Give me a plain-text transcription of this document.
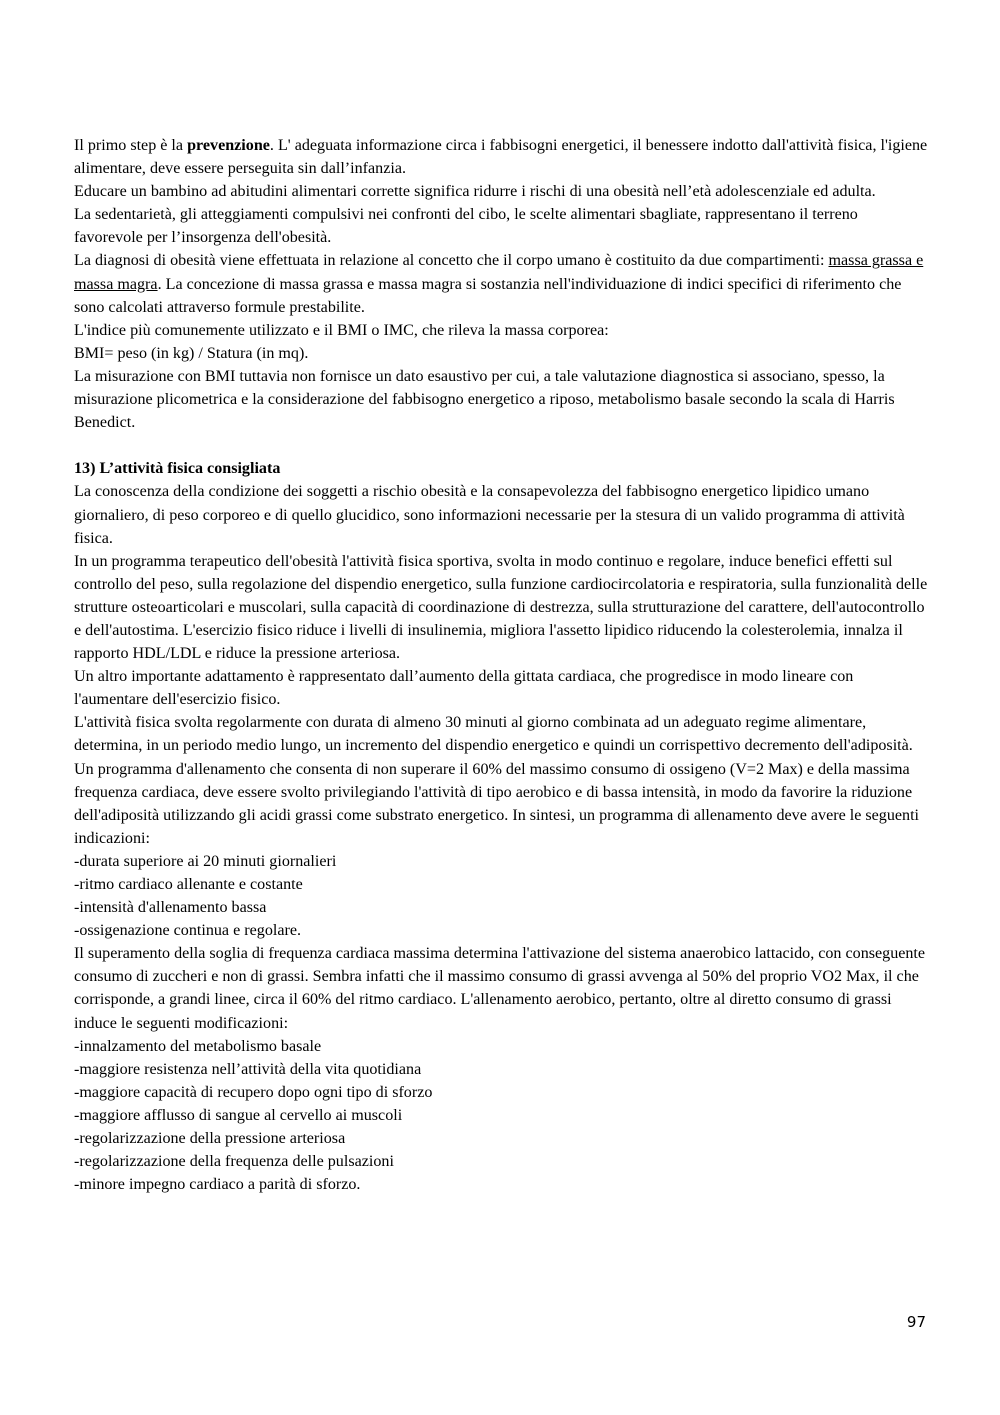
Il primo step è la prevenzione. L' adeguata informazione circa i fabbisogni energetici, il benessere indotto dall'attività fisica, l'igiene alimentare, deve essere perseguita sin dall’infanzia.

Educare un bambino ad abitudini alimentari corrette significa ridurre i rischi di una obesità nell’età adolescenziale ed adulta.

La sedentarietà, gli atteggiamenti compulsivi nei confronti del cibo, le scelte alimentari sbagliate, rappresentano il terreno favorevole per l’insorgenza dell'obesità.

La diagnosi di obesità viene effettuata in relazione al concetto che il corpo umano è costituito da due compartimenti: massa grassa e massa magra. La concezione di massa grassa e massa magra si sostanzia nell'individuazione di indici specifici di riferimento che sono calcolati attraverso formule prestabilite.

L'indice più comunemente utilizzato e il BMI o IMC, che rileva la massa corporea:

BMI= peso (in kg) / Statura (in mq).

La misurazione con BMI tuttavia non fornisce un dato esaustivo per cui, a tale valutazione diagnostica si associano, spesso, la misurazione plicometrica e la considerazione del fabbisogno energetico a riposo, metabolismo basale secondo la scala di Harris Benedict.

13) L’attività fisica consigliata

La conoscenza della condizione dei soggetti a rischio obesità e la consapevolezza del fabbisogno energetico lipidico umano giornaliero, di peso corporeo e di quello glucidico, sono informazioni necessarie per la stesura di un valido programma di attività fisica.

In un programma terapeutico dell'obesità l'attività fisica sportiva, svolta in modo continuo e regolare, induce benefici effetti sul controllo del peso, sulla regolazione del dispendio energetico, sulla funzione cardiocircolatoria e respiratoria, sulla funzionalità delle strutture osteoarticolari e muscolari, sulla capacità di coordinazione di destrezza, sulla strutturazione del carattere, dell'autocontrollo e dell'autostima. L'esercizio fisico riduce i livelli di insulinemia, migliora l'assetto lipidico riducendo la colesterolemia, innalza il rapporto HDL/LDL e riduce la pressione arteriosa.

Un altro importante adattamento è rappresentato dall’aumento della gittata cardiaca, che progredisce in modo lineare con l'aumentare dell'esercizio fisico.

L'attività fisica svolta regolarmente con durata di almeno 30 minuti al giorno combinata ad un adeguato regime alimentare, determina, in un periodo medio lungo, un incremento del dispendio energetico e quindi un corrispettivo decremento dell'adiposità.

Un programma d'allenamento che consenta di non superare il 60% del massimo consumo di ossigeno (V=2 Max) e della massima frequenza cardiaca, deve essere svolto privilegiando l'attività di tipo aerobico e di bassa intensità, in modo da favorire la riduzione dell'adiposità utilizzando gli acidi grassi come substrato energetico. In sintesi, un programma di allenamento deve avere le seguenti indicazioni:

-durata superiore ai 20 minuti giornalieri

-ritmo cardiaco allenante e costante

-intensità d'allenamento bassa

-ossigenazione continua e regolare.

Il superamento della soglia di frequenza cardiaca massima determina l'attivazione del sistema anaerobico lattacido, con conseguente consumo di zuccheri e non di grassi. Sembra infatti che il massimo consumo di grassi avvenga al 50% del proprio VO2 Max, il che corrisponde, a grandi linee, circa il 60% del ritmo cardiaco. L'allenamento aerobico, pertanto, oltre al diretto consumo di grassi induce le seguenti modificazioni:

-innalzamento del metabolismo basale

-maggiore resistenza nell’attività della vita quotidiana

-maggiore capacità di recupero dopo ogni tipo di sforzo

-maggiore afflusso di sangue al cervello ai muscoli

-regolarizzazione della pressione arteriosa

-regolarizzazione della frequenza delle pulsazioni

-minore impegno cardiaco a parità di sforzo.

97
